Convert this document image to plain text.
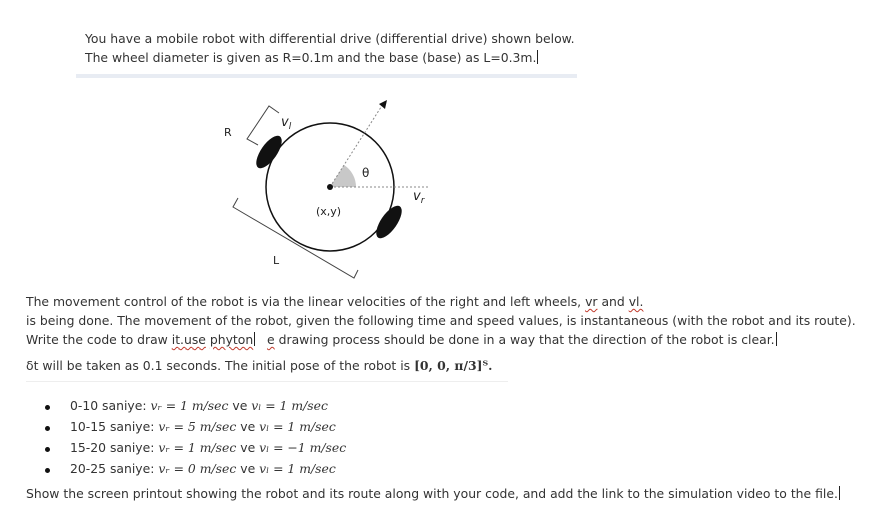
You have a mobile robot with differential drive (differential drive) shown below.
The wheel diameter is given as R=0.1m and the base (base) as L=0.3m.
R
$v_l$
θ
(x,y)
$v_r$
L
The movement control of the robot is via the linear velocities of the right and left wheels, vr and vl.
is being done. The movement of the robot, given the following time and speed values, is instantaneous (with the robot and its route).
Write the code to draw it.use phyton e drawing process should be done in a way that the direction of the robot is clear.
δt will be taken as 0.1 seconds. The initial pose of the robot is [0, 0, π/3]ᵀ.
0-10 saniye: vᵣ = 1 m/sec ve vₗ = 1 m/sec
10-15 saniye: vᵣ = 5 m/sec ve vₗ = 1 m/sec
15-20 saniye: vᵣ = 1 m/sec ve vₗ = −1 m/sec
20-25 saniye: vᵣ = 0 m/sec ve vₗ = 1 m/sec
Show the screen printout showing the robot and its route along with your code, and add the link to the simulation video to the file.
